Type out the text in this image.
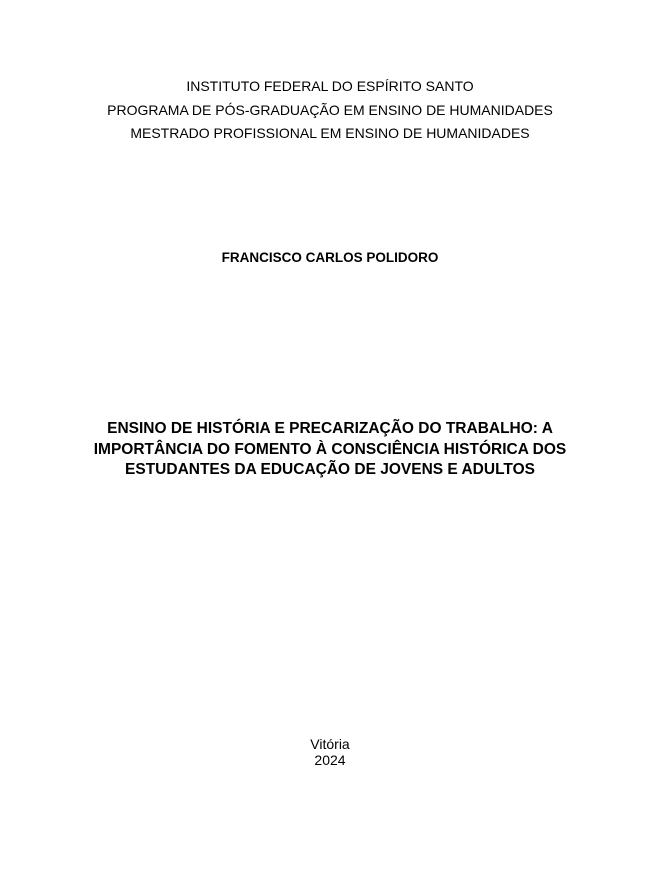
INSTITUTO FEDERAL DO ESPÍRITO SANTO
PROGRAMA DE PÓS-GRADUAÇÃO EM ENSINO DE HUMANIDADES
MESTRADO PROFISSIONAL EM ENSINO DE HUMANIDADES
FRANCISCO CARLOS POLIDORO
ENSINO DE HISTÓRIA E PRECARIZAÇÃO DO TRABALHO: A
IMPORTÂNCIA DO FOMENTO À CONSCIÊNCIA HISTÓRICA DOS
ESTUDANTES DA EDUCAÇÃO DE JOVENS E ADULTOS
Vitória
2024
